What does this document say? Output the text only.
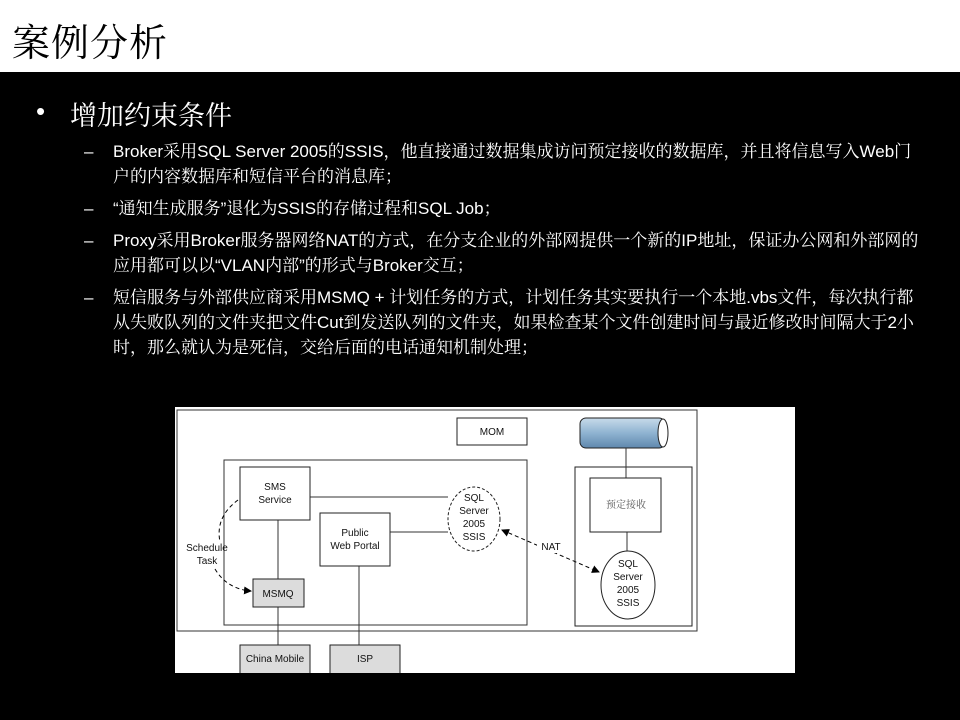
案例分析
• 增加约束条件
– Broker采用SQL Server 2005的SSIS，他直接通过数据集成访问预定接收的数据库，并且将信息写入Web门户的内容数据库和短信平台的消息库；
– “通知生成服务”退化为SSIS的存储过程和SQL Job；
– Proxy采用Broker服务器网络NAT的方式，在分支企业的外部网提供一个新的IP地址，保证办公网和外部网的应用都可以以“VLAN内部”的形式与Broker交互；
– 短信服务与外部供应商采用MSMQ + 计划任务的方式，计划任务其实要执行一个本地.vbs文件，每次执行都从失败队列的文件夹把文件Cut到发送队列的文件夹，如果检查某个文件创建时间与最近修改时间隔大于2小时，那么就认为是死信，交给后面的电话通知机制处理；
MOM
SMS
Service
Public
Web Portal
SQL
Server
2005
SSIS
MSMQ
Schedule
Task
预定接收
SQL
Server
2005
SSIS
NAT
China Mobile	ISP
